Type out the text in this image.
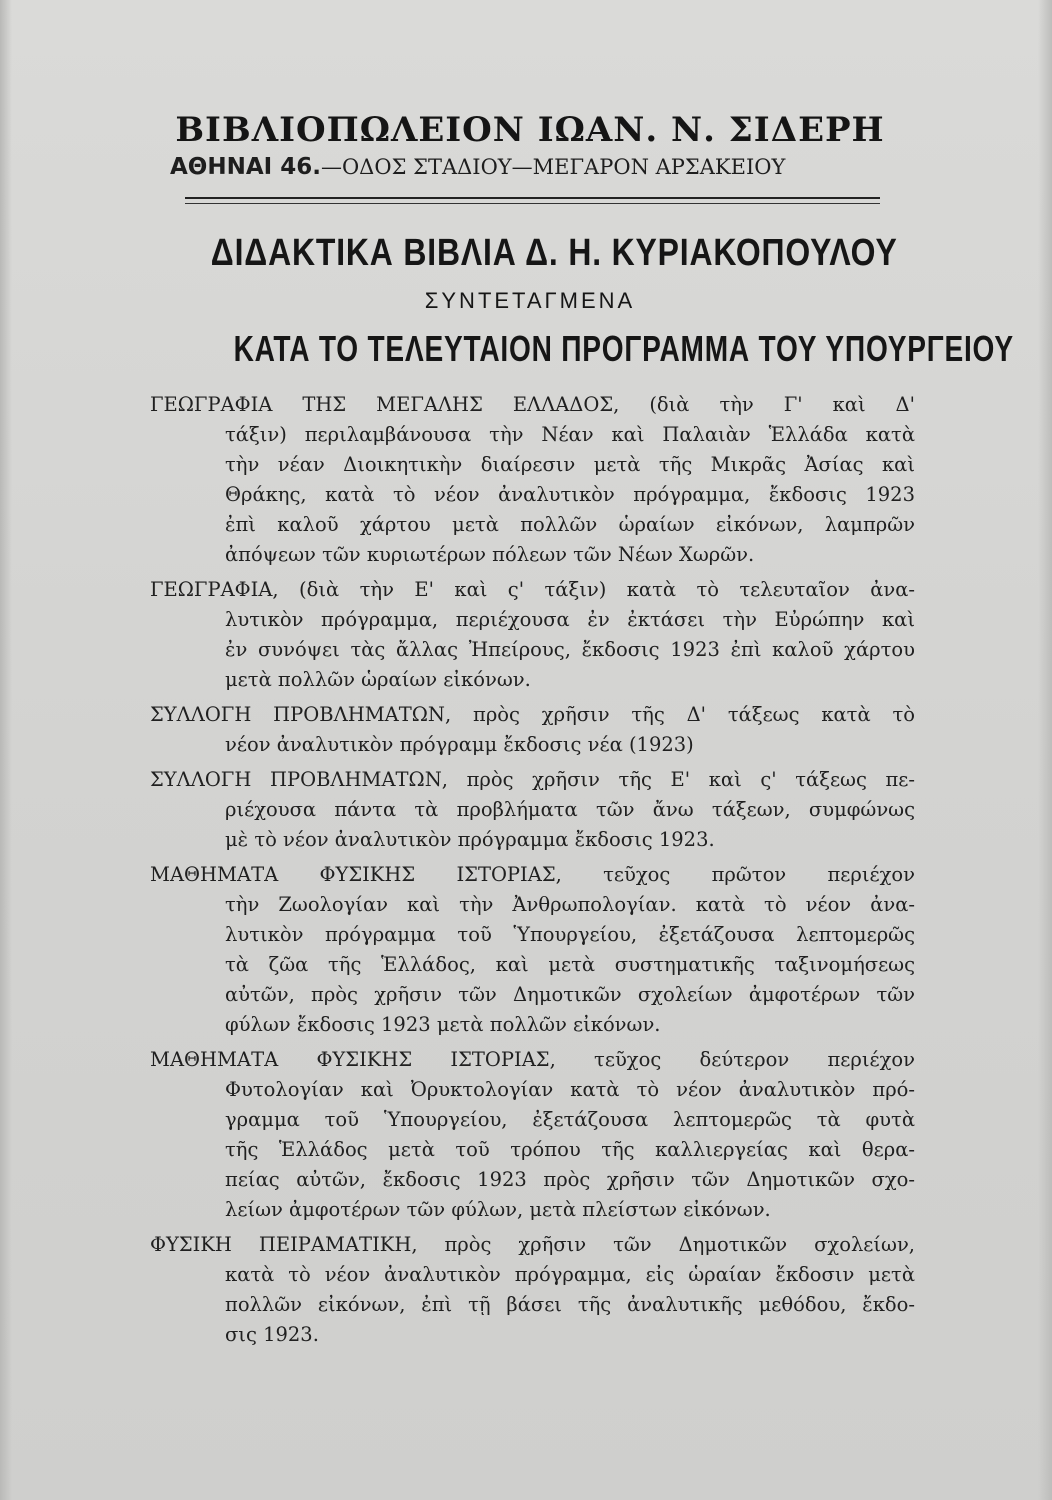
ΒΙΒΛΙΟΠΩΛΕΙΟΝ ΙΩΑΝ. Ν. ΣΙΔΕΡΗ
ΑΘΗΝΑΙ 46.—ΟΔΟΣ ΣΤΑΔΙΟΥ—ΜΕΓΑΡΟΝ ΑΡΣΑΚΕΙΟΥ
ΔΙΔΑΚΤΙΚΑ ΒΙΒΛΙΑ Δ. Η. ΚΥΡΙΑΚΟΠΟΥΛΟΥ
ΣΥΝΤΕΤΑΓΜΕΝΑ
ΚΑΤΑ ΤΟ ΤΕΛΕΥΤΑΙΟΝ ΠΡΟΓΡΑΜΜΑ ΤΟΥ ΥΠΟΥΡΓΕΙΟΥ
ΓΕΩΓΡΑΦΙΑ ΤΗΣ ΜΕΓΑΛΗΣ ΕΛΛΑΔΟΣ, (διὰ τὴν Γ' καὶ Δ'
τάξιν) περιλαμβάνουσα τὴν Νέαν καὶ Παλαιὰν Ἑλλάδα κατὰ
τὴν νέαν Διοικητικὴν διαίρεσιν μετὰ τῆς Μικρᾶς Ἀσίας καὶ
Θράκης, κατὰ τὸ νέον ἀναλυτικὸν πρόγραμμα, ἔκδοσις 1923
ἐπὶ καλοῦ χάρτου μετὰ πολλῶν ὡραίων εἰκόνων, λαμπρῶν
ἀπόψεων τῶν κυριωτέρων πόλεων τῶν Νέων Χωρῶν.
ΓΕΩΓΡΑΦΙΑ, (διὰ τὴν Ε' καὶ ς' τάξιν) κατὰ τὸ τελευταῖον ἀνα-
λυτικὸν πρόγραμμα, περιέχουσα ἐν ἐκτάσει τὴν Εὐρώπην καὶ
ἐν συνόψει τὰς ἄλλας Ἠπείρους, ἔκδοσις 1923 ἐπὶ καλοῦ χάρτου
μετὰ πολλῶν ὡραίων εἰκόνων.
ΣΥΛΛΟΓΗ ΠΡΟΒΛΗΜΑΤΩΝ, πρὸς χρῆσιν τῆς Δ' τάξεως κατὰ τὸ
νέον ἀναλυτικὸν πρόγραμμ ἔκδοσις νέα (1923)
ΣΥΛΛΟΓΗ ΠΡΟΒΛΗΜΑΤΩΝ, πρὸς χρῆσιν τῆς Ε' καὶ ς' τάξεως πε-
ριέχουσα πάντα τὰ προβλήματα τῶν ἄνω τάξεων, συμφώνως
μὲ τὸ νέον ἀναλυτικὸν πρόγραμμα ἔκδοσις 1923.
ΜΑΘΗΜΑΤΑ ΦΥΣΙΚΗΣ ΙΣΤΟΡΙΑΣ, τεῦχος πρῶτον περιέχον
τὴν Ζωολογίαν καὶ τὴν Ἀνθρωπολογίαν. κατὰ τὸ νέον ἀνα-
λυτικὸν πρόγραμμα τοῦ Ὑπουργείου, ἐξετάζουσα λεπτομερῶς
τὰ ζῶα τῆς Ἑλλάδος, καὶ μετὰ συστηματικῆς ταξινομήσεως
αὐτῶν, πρὸς χρῆσιν τῶν Δημοτικῶν σχολείων ἀμφοτέρων τῶν
φύλων ἔκδοσις 1923 μετὰ πολλῶν εἰκόνων.
ΜΑΘΗΜΑΤΑ ΦΥΣΙΚΗΣ ΙΣΤΟΡΙΑΣ, τεῦχος δεύτερον περιέχον
Φυτολογίαν καὶ Ὀρυκτολογίαν κατὰ τὸ νέον ἀναλυτικὸν πρό-
γραμμα τοῦ Ὑπουργείου, ἐξετάζουσα λεπτομερῶς τὰ φυτὰ
τῆς Ἑλλάδος μετὰ τοῦ τρόπου τῆς καλλιεργείας καὶ θερα-
πείας αὐτῶν, ἔκδοσις 1923 πρὸς χρῆσιν τῶν Δημοτικῶν σχο-
λείων ἀμφοτέρων τῶν φύλων, μετὰ πλείστων εἰκόνων.
ΦΥΣΙΚΗ ΠΕΙΡΑΜΑΤΙΚΗ, πρὸς χρῆσιν τῶν Δημοτικῶν σχολείων,
κατὰ τὸ νέον ἀναλυτικὸν πρόγραμμα, εἰς ὡραίαν ἔκδοσιν μετὰ
πολλῶν εἰκόνων, ἐπὶ τῇ βάσει τῆς ἀναλυτικῆς μεθόδου, ἔκδο-
σις 1923.
